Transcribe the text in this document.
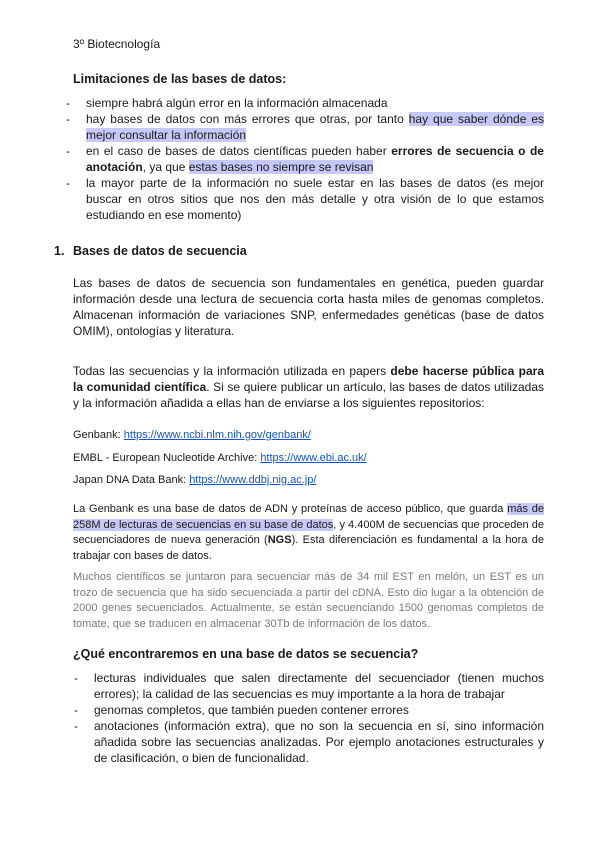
3º Biotecnología
Limitaciones de las bases de datos:
- siempre habrá algún error en la información almacenada
- hay bases de datos con más errores que otras, por tanto hay que saber dónde es mejor consultar la información
- en el caso de bases de datos científicas pueden haber errores de secuencia o de anotación, ya que estas bases no siempre se revisan
- la mayor parte de la información no suele estar en las bases de datos (es mejor buscar en otros sitios que nos den más detalle y otra visión de lo que estamos estudiando en ese momento)
1. Bases de datos de secuencia
Las bases de datos de secuencia son fundamentales en genética, pueden guardar información desde una lectura de secuencia corta hasta miles de genomas completos. Almacenan información de variaciones SNP, enfermedades genéticas (base de datos OMIM), ontologías y literatura.
Todas las secuencias y la información utilizada en papers debe hacerse pública para la comunidad científica. Si se quiere publicar un artículo, las bases de datos utilizadas y la información añadida a ellas han de enviarse a los siguientes repositorios:
Genbank: https://www.ncbi.nlm.nih.gov/genbank/
EMBL - European Nucleotide Archive: https://www.ebi.ac.uk/
Japan DNA Data Bank: https://www.ddbj.nig.ac.jp/
La Genbank es una base de datos de ADN y proteínas de acceso público, que guarda más de 258M de lecturas de secuencias en su base de datos, y 4.400M de secuencias que proceden de secuenciadores de nueva generación (NGS). Esta diferenciación es fundamental a la hora de trabajar con bases de datos.
Muchos científicos se juntaron para secuenciar más de 34 mil EST en melón, un EST es un trozo de secuencia que ha sido secuenciada a partir del cDNA. Esto dio lugar a la obtención de 2000 genes secuenciados. Actualmente, se están secuenciando 1500 genomas completos de tomate, que se traducen en almacenar 30Tb de información de los datos.
¿Qué encontraremos en una base de datos se secuencia?
- lecturas individuales que salen directamente del secuenciador (tienen muchos errores); la calidad de las secuencias es muy importante a la hora de trabajar
- genomas completos, que también pueden contener errores
- anotaciones (información extra), que no son la secuencia en sí, sino información añadida sobre las secuencias analizadas. Por ejemplo anotaciones estructurales y de clasificación, o bien de funcionalidad.
